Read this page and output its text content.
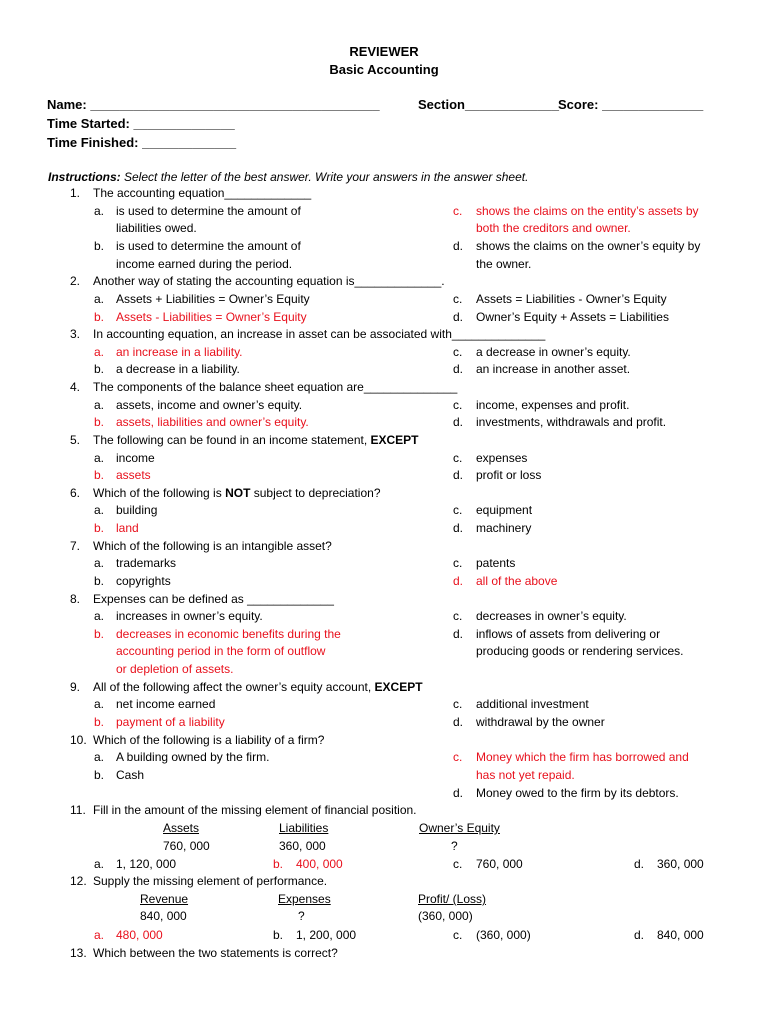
REVIEWER
Basic Accounting
Name: ________________________________________	Section_____________ Score: ______________
Time Started: ______________
Time Finished: _____________
Instructions: Select the letter of the best answer. Write your answers in the answer sheet.
1. The accounting equation_____________
a. is used to determine the amount of
liabilities owed.
b. is used to determine the amount of
income earned during the period.
c. shows the claims on the entity’s assets by
both the creditors and owner.
d. shows the claims on the owner’s equity by
the owner.
2. Another way of stating the accounting equation is_____________.
a. Assets + Liabilities = Owner’s Equity	c. Assets = Liabilities - Owner’s Equity
b. Assets - Liabilities = Owner’s Equity	d. Owner’s Equity + Assets = Liabilities
3. In accounting equation, an increase in asset can be associated with______________
a. an increase in a liability.	c. a decrease in owner’s equity.
b. a decrease in a liability.	d. an increase in another asset.
4. The components of the balance sheet equation are______________
a. assets, income and owner’s equity.	c. income, expenses and profit.
b. assets, liabilities and owner’s equity.	d. investments, withdrawals and profit.
5. The following can be found in an income statement, EXCEPT
a. income	c. expenses
b. assets	d. profit or loss
6. Which of the following is NOT subject to depreciation?
a. building	c. equipment
b. land	d. machinery
7. Which of the following is an intangible asset?
a. trademarks	c. patents
b. copyrights	d. all of the above
8. Expenses can be defined as _____________
a. increases in owner’s equity.	c. decreases in owner’s equity.
b. decreases in economic benefits during the
accounting period in the form of outflow
or depletion of assets.
d. inflows of assets from delivering or
producing goods or rendering services.
9. All of the following affect the owner’s equity account, EXCEPT
a. net income earned	c. additional investment
b. payment of a liability	d. withdrawal by the owner
10. Which of the following is a liability of a firm?
a. A building owned by the firm.
b. Cash
c. Money which the firm has borrowed and
has not yet repaid.
d. Money owed to the firm by its debtors.
11. Fill in the amount of the missing element of financial position.
Assets	Liabilities	Owner’s Equity
760, 000	360, 000	?
a. 1, 120, 000	b. 400, 000	c. 760, 000	d. 360, 000
12. Supply the missing element of performance.
Revenue	Expenses	Profit/ (Loss)
840, 000	?	(360, 000)
a. 480, 000	b. 1, 200, 000	c. (360, 000)	d. 840, 000
13. Which between the two statements is correct?
